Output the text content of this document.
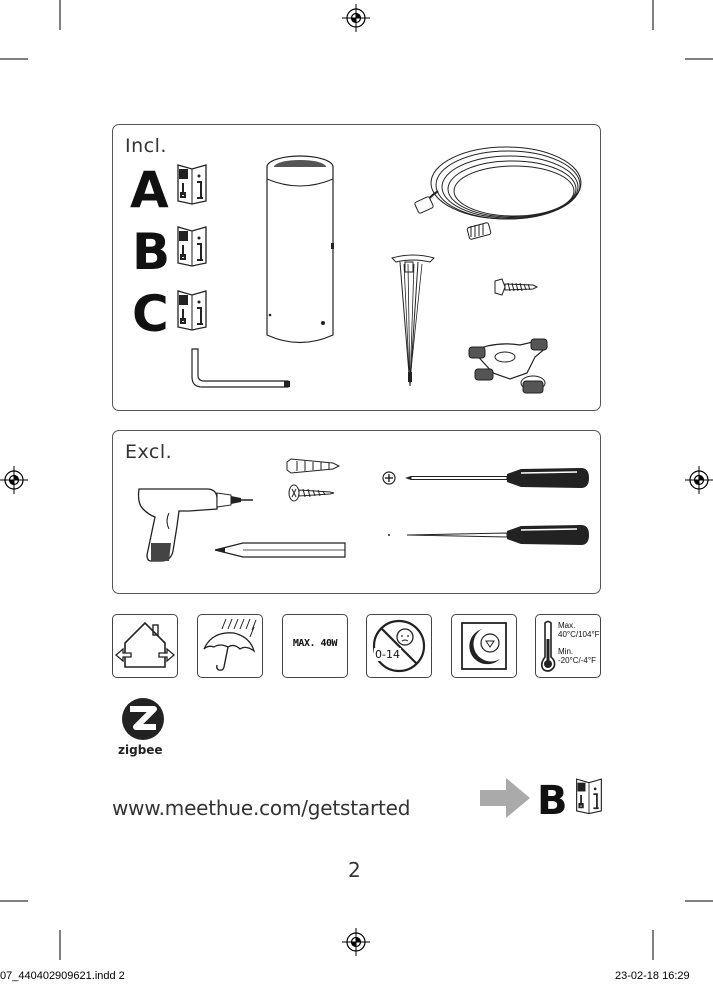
Incl.
A
B
C
Excl.
MAX. 40W
0-14
Max.
40°C/104°F
Min.
-20°C/-4°F
zigbee
www.meethue.com/getstarted	B
2
07_440402909621.indd 2	23-02-18 16:29
